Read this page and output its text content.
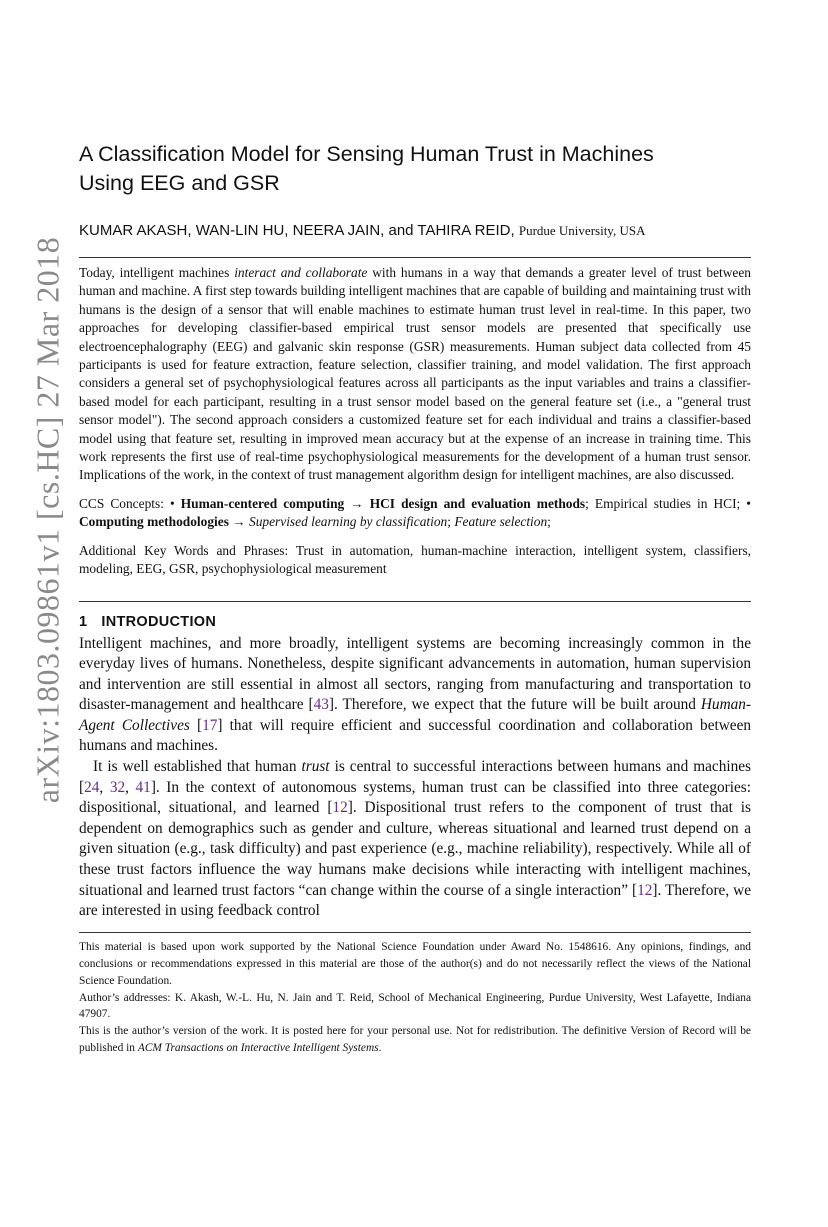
arXiv:1803.09861v1 [cs.HC] 27 Mar 2018
A Classification Model for Sensing Human Trust in Machines
Using EEG and GSR
KUMAR AKASH, WAN-LIN HU, NEERA JAIN, and TAHIRA REID, Purdue University, USA

Today, intelligent machines interact and collaborate with humans in a way that demands a greater level of trust between human and machine. A first step towards building intelligent machines that are capable of building and maintaining trust with humans is the design of a sensor that will enable machines to estimate human trust level in real-time. In this paper, two approaches for developing classifier-based empirical trust sensor models are presented that specifically use electroencephalography (EEG) and galvanic skin response (GSR) measurements. Human subject data collected from 45 participants is used for feature extraction, feature selection, classifier training, and model validation. The first approach considers a general set of psychophysiological features across all participants as the input variables and trains a classifier-based model for each participant, resulting in a trust sensor model based on the general feature set (i.e., a "general trust sensor model"). The second approach considers a customized feature set for each individual and trains a classifier-based model using that feature set, resulting in improved mean accuracy but at the expense of an increase in training time. This work represents the first use of real-time psychophysiological measurements for the development of a human trust sensor. Implications of the work, in the context of trust management algorithm design for intelligent machines, are also discussed.

CCS Concepts: • Human-centered computing → HCI design and evaluation methods; Empirical studies in HCI; • Computing methodologies → Supervised learning by classification; Feature selection;

Additional Key Words and Phrases: Trust in automation, human-machine interaction, intelligent system, classifiers, modeling, EEG, GSR, psychophysiological measurement

1 INTRODUCTION

Intelligent machines, and more broadly, intelligent systems are becoming increasingly common in the everyday lives of humans. Nonetheless, despite significant advancements in automation, human supervision and intervention are still essential in almost all sectors, ranging from manufacturing and transportation to disaster-management and healthcare [43]. Therefore, we expect that the future will be built around Human-Agent Collectives [17] that will require efficient and successful coordination and collaboration between humans and machines.

It is well established that human trust is central to successful interactions between humans and machines [24, 32, 41]. In the context of autonomous systems, human trust can be classified into three categories: dispositional, situational, and learned [12]. Dispositional trust refers to the component of trust that is dependent on demographics such as gender and culture, whereas situational and learned trust depend on a given situation (e.g., task difficulty) and past experience (e.g., machine reliability), respectively. While all of these trust factors influence the way humans make decisions while interacting with intelligent machines, situational and learned trust factors “can change within the course of a single interaction” [12]. Therefore, we are interested in using feedback control

This material is based upon work supported by the National Science Foundation under Award No. 1548616. Any opinions, findings, and conclusions or recommendations expressed in this material are those of the author(s) and do not necessarily reflect the views of the National Science Foundation.

Author’s addresses: K. Akash, W.-L. Hu, N. Jain and T. Reid, School of Mechanical Engineering, Purdue University, West Lafayette, Indiana 47907.

This is the author’s version of the work. It is posted here for your personal use. Not for redistribution. The definitive Version of Record will be published in ACM Transactions on Interactive Intelligent Systems.
